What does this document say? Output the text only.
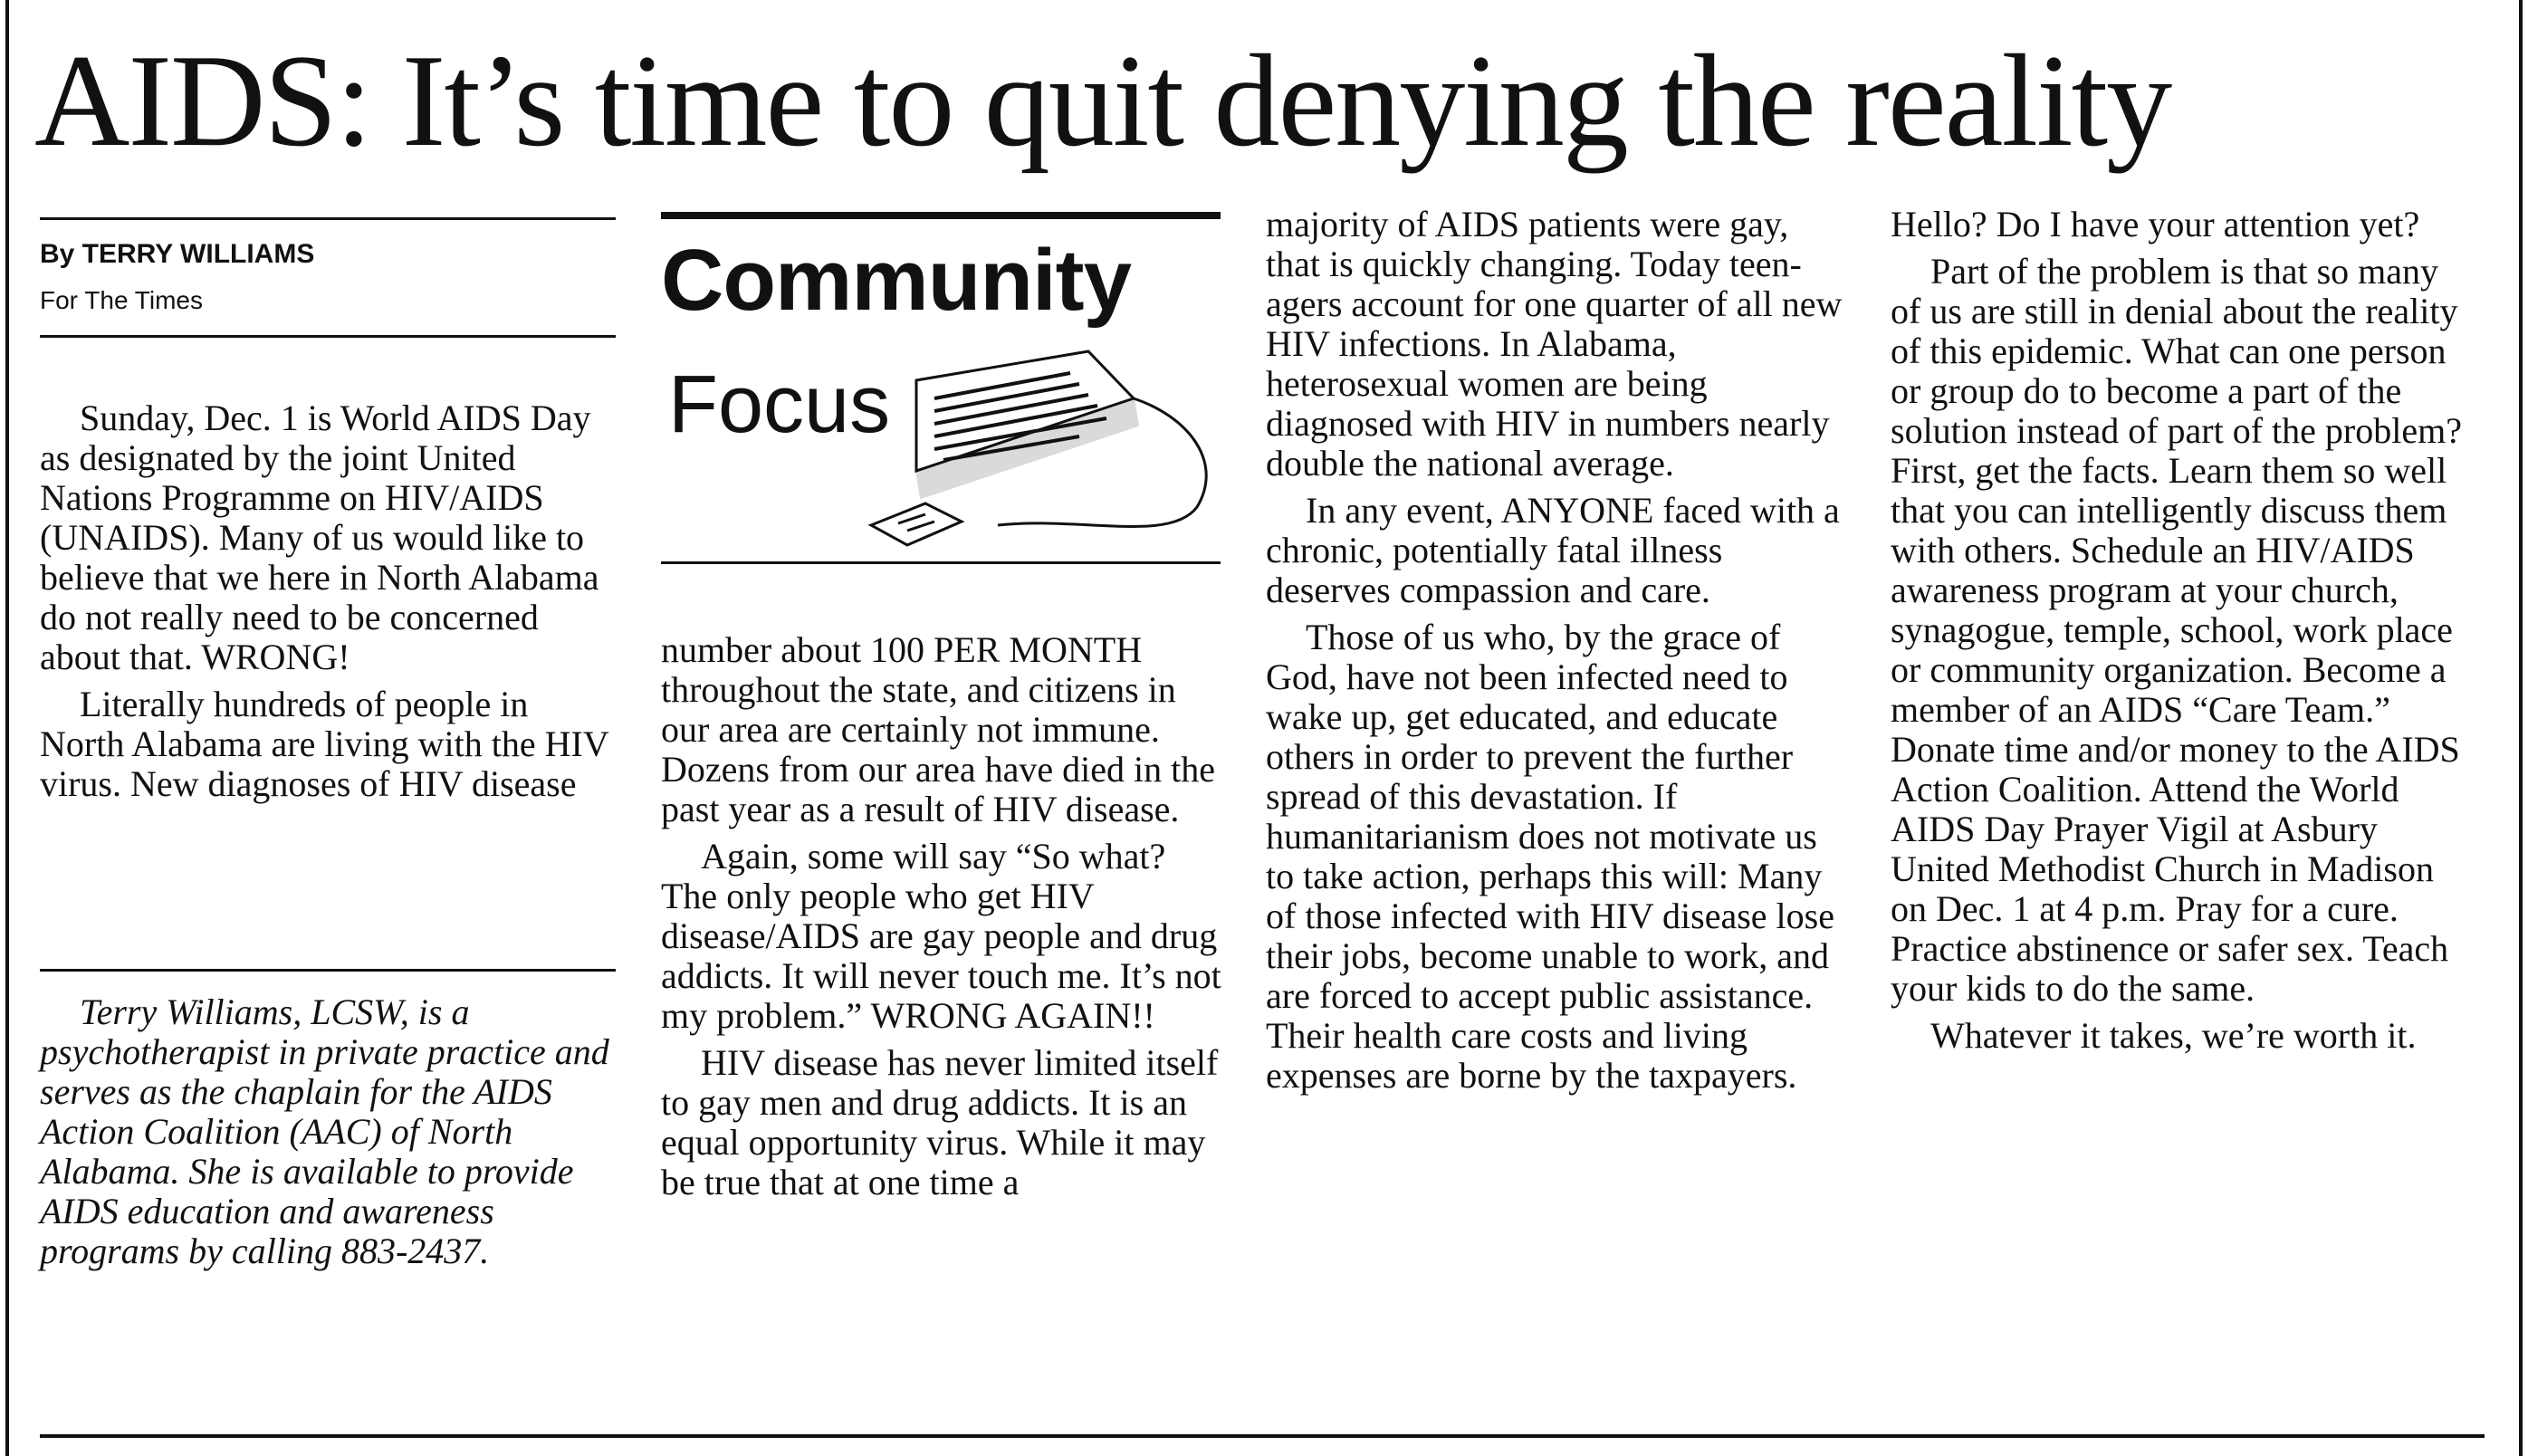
AIDS: It’s time to quit denying the reality
By TERRY WILLIAMS
For The Times

Sunday, Dec. 1 is World AIDS Day as designated by the joint United Nations Programme on HIV/AIDS (UNAIDS). Many of us would like to believe that we here in North Alabama do not really need to be concerned about that. WRONG!

Literally hundreds of people in North Alabama are living with the HIV virus. New diagnoses of HIV disease

Terry Williams, LCSW, is a psychotherapist in private practice and serves as the chaplain for the AIDS Action Coalition (AAC) of North Alabama. She is available to provide AIDS education and awareness programs by calling 883-2437.

Community
Focus

number about 100 PER MONTH throughout the state, and citizens in our area are certainly not immune. Dozens from our area have died in the past year as a result of HIV disease.

Again, some will say “So what? The only people who get HIV disease/AIDS are gay people and drug addicts. It will never touch me. It’s not my problem.” WRONG AGAIN!!

HIV disease has never limited itself to gay men and drug addicts. It is an equal opportunity virus. While it may be true that at one time a

majority of AIDS patients were gay, that is quickly changing. Today teen-agers account for one quarter of all new HIV infections. In Alabama, heterosexual women are being diagnosed with HIV in numbers nearly double the national average.

In any event, ANYONE faced with a chronic, potentially fatal illness deserves compassion and care.

Those of us who, by the grace of God, have not been infected need to wake up, get educated, and educate others in order to prevent the further spread of this devastation. If humanitarianism does not motivate us to take action, perhaps this will: Many of those infected with HIV disease lose their jobs, become unable to work, and are forced to accept public assistance. Their health care costs and living expenses are borne by the taxpayers.

Hello? Do I have your attention yet?

Part of the problem is that so many of us are still in denial about the reality of this epidemic. What can one person or group do to become a part of the solution instead of part of the problem? First, get the facts. Learn them so well that you can intelligently discuss them with others. Schedule an HIV/AIDS awareness program at your church, synagogue, temple, school, work place or community organization. Become a member of an AIDS “Care Team.” Donate time and/or money to the AIDS Action Coalition. Attend the World AIDS Day Prayer Vigil at Asbury United Methodist Church in Madison on Dec. 1 at 4 p.m. Pray for a cure. Practice abstinence or safer sex. Teach your kids to do the same.

Whatever it takes, we’re worth it.
